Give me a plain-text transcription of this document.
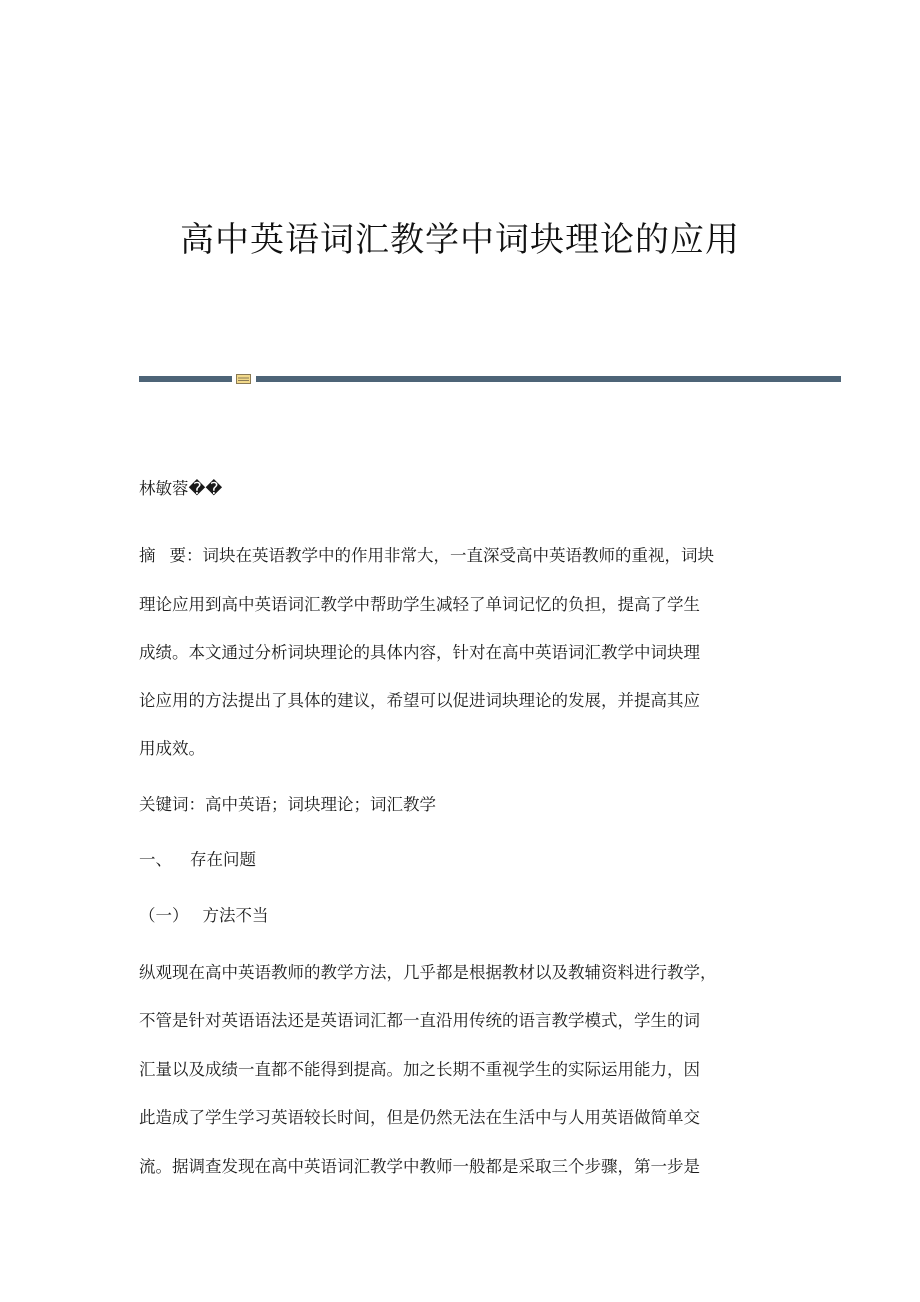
高中英语词汇教学中词块理论的应用

林敏蓉��

摘 要：词块在英语教学中的作用非常大，一直深受高中英语教师的重视，词块

理论应用到高中英语词汇教学中帮助学生减轻了单词记忆的负担，提高了学生

成绩。本文通过分析词块理论的具体内容，针对在高中英语词汇教学中词块理

论应用的方法提出了具体的建议，希望可以促进词块理论的发展，并提高其应

用成效。

关键词：高中英语；词块理论；词汇教学

一、 存在问题

（一） 方法不当

纵观现在高中英语教师的教学方法，几乎都是根据教材以及教辅资料进行教学，

不管是针对英语语法还是英语词汇都一直沿用传统的语言教学模式，学生的词

汇量以及成绩一直都不能得到提高。加之长期不重视学生的实际运用能力，因

此造成了学生学习英语较长时间，但是仍然无法在生活中与人用英语做简单交

流。据调查发现在高中英语词汇教学中教师一般都是采取三个步骤，第一步是
